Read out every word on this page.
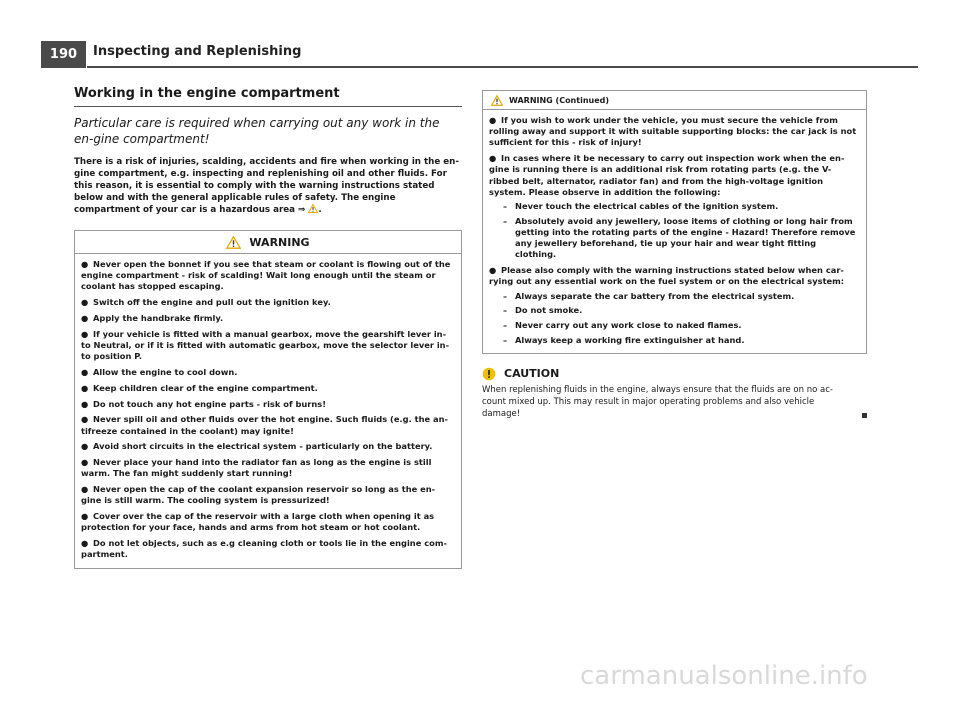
190	Inspecting and Replenishing
Working in the engine compartment

Particular care is required when carrying out any work in the en-gine compartment!

There is a risk of injuries, scalding, accidents and fire when working in the en-gine compartment, e.g. inspecting and replenishing oil and other fluids. For this reason, it is essential to comply with the warning instructions stated below and with the general applicable rules of safety. The engine compartment of your car is a hazardous area ⇒ .

WARNING
● Never open the bonnet if you see that steam or coolant is flowing out of the engine compartment - risk of scalding! Wait long enough until the steam or coolant has stopped escaping.
● Switch off the engine and pull out the ignition key.
● Apply the handbrake firmly.
● If your vehicle is fitted with a manual gearbox, move the gearshift lever in-to Neutral, or if it is fitted with automatic gearbox, move the selector lever in-to position P.
● Allow the engine to cool down.
● Keep children clear of the engine compartment.
● Do not touch any hot engine parts - risk of burns!
● Never spill oil and other fluids over the hot engine. Such fluids (e.g. the an-tifreeze contained in the coolant) may ignite!
● Avoid short circuits in the electrical system - particularly on the battery.
● Never place your hand into the radiator fan as long as the engine is still warm. The fan might suddenly start running!
● Never open the cap of the coolant expansion reservoir so long as the en-gine is still warm. The cooling system is pressurized!
● Cover over the cap of the reservoir with a large cloth when opening it as protection for your face, hands and arms from hot steam or hot coolant.
● Do not let objects, such as e.g cleaning cloth or tools lie in the engine com-partment.
WARNING (Continued)
● If you wish to work under the vehicle, you must secure the vehicle from rolling away and support it with suitable supporting blocks: the car jack is not sufficient for this - risk of injury!
● In cases where it be necessary to carry out inspection work when the en-gine is running there is an additional risk from rotating parts (e.g. the V-ribbed belt, alternator, radiator fan) and from the high-voltage ignition system. Please observe in addition the following:
– Never touch the electrical cables of the ignition system.
– Absolutely avoid any jewellery, loose items of clothing or long hair from getting into the rotating parts of the engine - Hazard! Therefore remove any jewellery beforehand, tie up your hair and wear tight fitting clothing.
● Please also comply with the warning instructions stated below when car-rying out any essential work on the fuel system or on the electrical system:
– Always separate the car battery from the electrical system.
– Do not smoke.
– Never carry out any work close to naked flames.
– Always keep a working fire extinguisher at hand.
CAUTION

When replenishing fluids in the engine, always ensure that the fluids are on no ac-count mixed up. This may result in major operating problems and also vehicle damage!

carmanualsonline.info
